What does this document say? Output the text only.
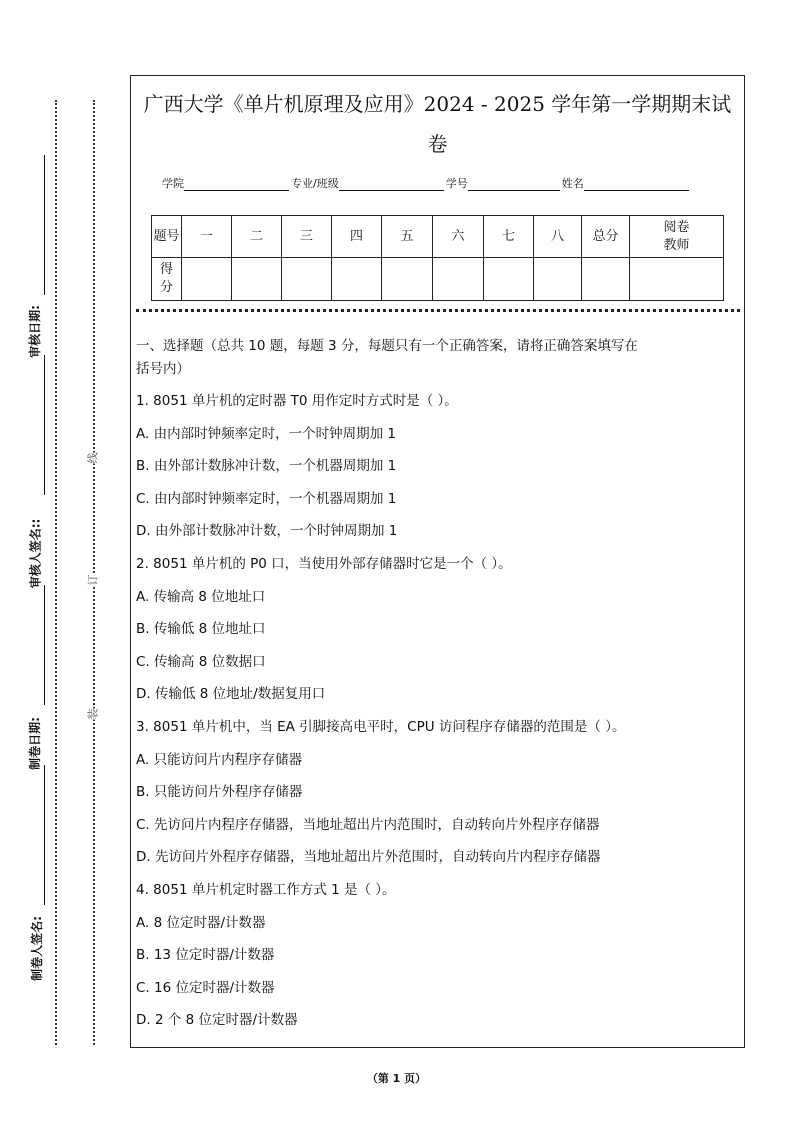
审核日期:
审核人签名::
制卷日期:
制卷人签名:
线
订
装
广西大学《单片机原理及应用》2024 - 2025 学年第一学期期末试
卷
学院	专业/班级	学号	姓名
题号	一	二	三	四	五	六	七	八	总分	阅卷教师
得分										
一、选择题（总共 10 题，每题 3 分，每题只有一个正确答案，请将正确答案填写在
括号内）
1. 8051 单片机的定时器 T0 用作定时方式时是（ ）。
A. 由内部时钟频率定时，一个时钟周期加 1
B. 由外部计数脉冲计数，一个机器周期加 1
C. 由内部时钟频率定时，一个机器周期加 1
D. 由外部计数脉冲计数，一个时钟周期加 1
2. 8051 单片机的 P0 口，当使用外部存储器时它是一个（ ）。
A. 传输高 8 位地址口
B. 传输低 8 位地址口
C. 传输高 8 位数据口
D. 传输低 8 位地址/数据复用口
3. 8051 单片机中，当 EA 引脚接高电平时，CPU 访问程序存储器的范围是（ ）。
A. 只能访问片内程序存储器
B. 只能访问片外程序存储器
C. 先访问片内程序存储器，当地址超出片内范围时，自动转向片外程序存储器
D. 先访问片外程序存储器，当地址超出片外范围时，自动转向片内程序存储器
4. 8051 单片机定时器工作方式 1 是（ ）。
A. 8 位定时器/计数器
B. 13 位定时器/计数器
C. 16 位定时器/计数器
D. 2 个 8 位定时器/计数器
（第 1 页）
